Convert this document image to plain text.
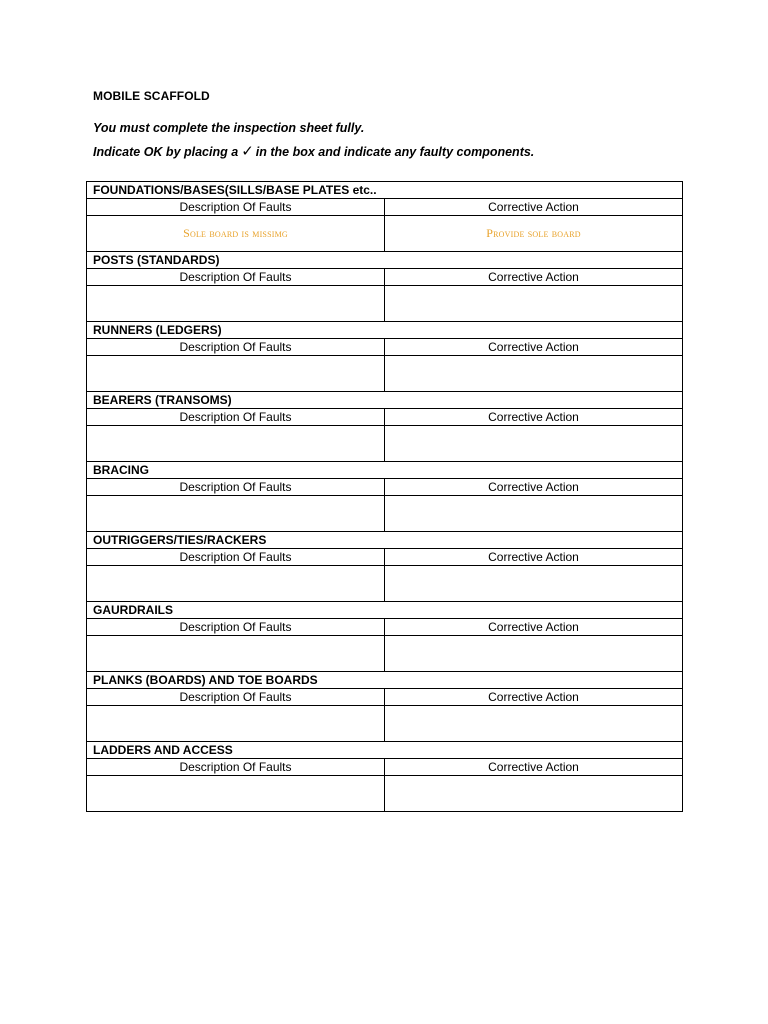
MOBILE SCAFFOLD
You must complete the inspection sheet fully.
Indicate OK by placing a ✓ in the box and indicate any faulty components.
FOUNDATIONS/BASES(SILLS/BASE PLATES etc..	
Description Of Faults	Corrective Action
Sole board is missimg	Provide sole board
POSTS (STANDARDS)	
Description Of Faults	Corrective Action

RUNNERS (LEDGERS)	
Description Of Faults	Corrective Action

BEARERS (TRANSOMS)	
Description Of Faults	Corrective Action

BRACING	
Description Of Faults	Corrective Action

OUTRIGGERS/TIES/RACKERS	
Description Of Faults	Corrective Action

GAURDRAILS	
Description Of Faults	Corrective Action

PLANKS (BOARDS) AND TOE BOARDS	
Description Of Faults	Corrective Action

LADDERS AND ACCESS	
Description Of Faults	Corrective Action
